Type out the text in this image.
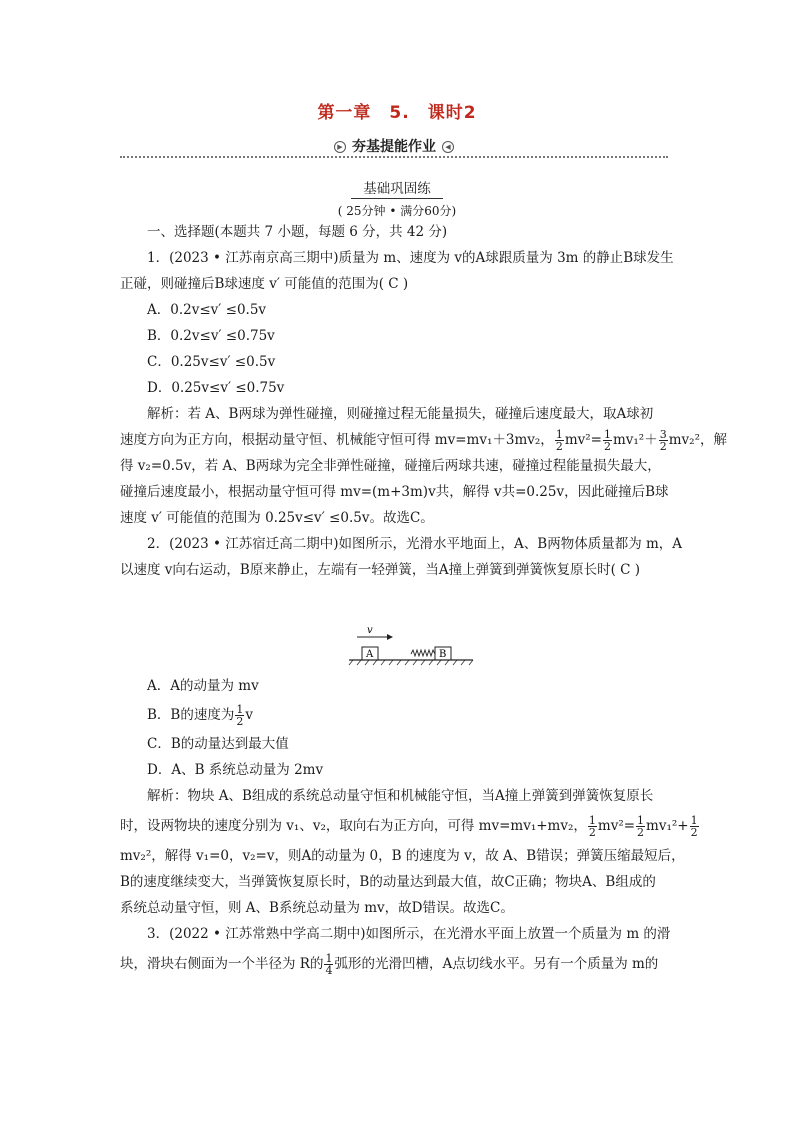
第一章　5.　课时2
▶ 夯基提能作业 ◀
基础巩固练
( 25分钟 • 满分60分)
一、选择题(本题共 7 小题，每题 6 分，共 42 分)
1．(2023 • 江苏南京高三期中)质量为 m、速度为 v的A球跟质量为 3m 的静止B球发生
正碰，则碰撞后B球速度 v′ 可能值的范围为( C )
A．0.2v≤v′ ≤0.5v
B．0.2v≤v′ ≤0.75v
C．0.25v≤v′ ≤0.5v
D．0.25v≤v′ ≤0.75v
解析：若 A、B两球为弹性碰撞，则碰撞过程无能量损失，碰撞后速度最大，取A球初
速度方向为正方向，根据动量守恒、机械能守恒可得 mv=mv₁＋3mv₂， $\frac{1}{2} mv^2= \frac{1}{2} mv_1^2+ \frac{3}{2} mv_2^2$，解
得 v₂=0.5v，若 A、B两球为完全非弹性碰撞，碰撞后两球共速，碰撞过程能量损失最大，
碰撞后速度最小，根据动量守恒可得 mv=(m+3m)v共，解得 v共=0.25v，因此碰撞后B球
速度 v′ 可能值的范围为 0.25v≤v′ ≤0.5v。故选C。
2．(2023 • 江苏宿迁高二期中)如图所示，光滑水平地面上，A、B两物体质量都为 m，A
以速度 v向右运动，B原来静止，左端有一轻弹簧，当A撞上弹簧到弹簧恢复原长时( C )
v
A	B
A．A的动量为 mv
B．B的速度为 $\frac{1}{2}$ v
C．B的动量达到最大值
D．A、B 系统总动量为 2mv
解析：物块 A、B组成的系统总动量守恒和机械能守恒，当A撞上弹簧到弹簧恢复原长
时，设两物块的速度分别为 v₁、v₂，取向右为正方向，可得 mv=mv₁+mv₂， $\frac{1}{2} mv^2= \frac{1}{2} mv_1^2+ \frac{1}{2}$
mv₂²，解得 v₁=0，v₂=v，则A的动量为 0，B 的速度为 v，故 A、B错误；弹簧压缩最短后，
B的速度继续变大，当弹簧恢复原长时，B的动量达到最大值，故C正确；物块A、B组成的
系统总动量守恒，则 A、B系统总动量为 mv，故D错误。故选C。
3．(2022 • 江苏常熟中学高二期中)如图所示，在光滑水平面上放置一个质量为 m 的滑
块，滑块右侧面为一个半径为 R的 $\frac{1}{4}$ 弧形的光滑凹槽，A点切线水平。另有一个质量为 m的
